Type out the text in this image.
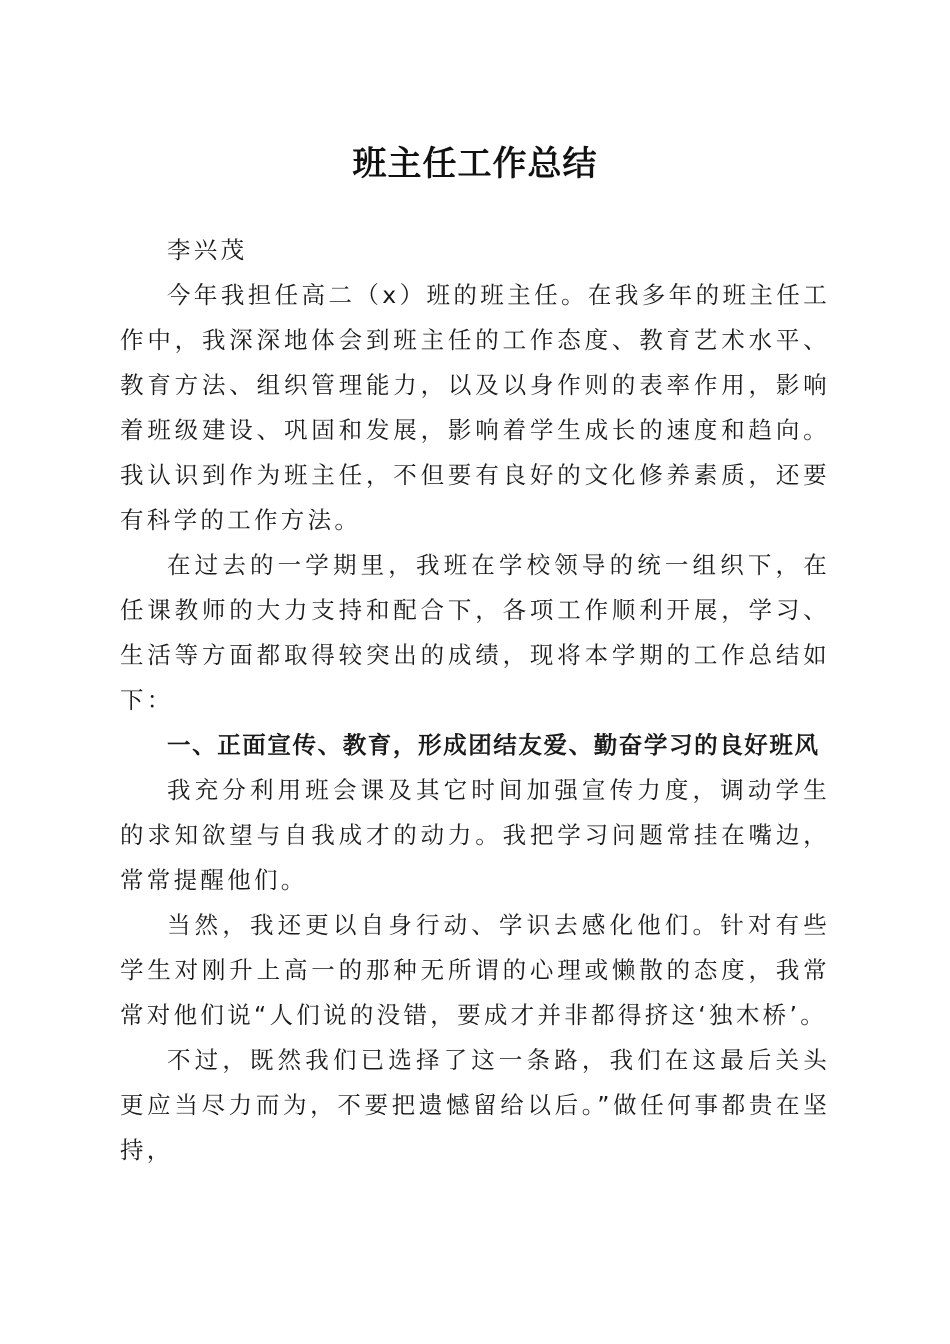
班主任工作总结

李兴茂

今年我担任高二（x）班的班主任。在我多年的班主任工作中，我深深地体会到班主任的工作态度、教育艺术水平、教育方法、组织管理能力，以及以身作则的表率作用，影响着班级建设、巩固和发展，影响着学生成长的速度和趋向。我认识到作为班主任，不但要有良好的文化修养素质，还要有科学的工作方法。

在过去的一学期里，我班在学校领导的统一组织下，在任课教师的大力支持和配合下，各项工作顺利开展，学习、生活等方面都取得较突出的成绩，现将本学期的工作总结如下：

一、正面宣传、教育，形成团结友爱、勤奋学习的良好班风

我充分利用班会课及其它时间加强宣传力度，调动学生的求知欲望与自我成才的动力。我把学习问题常挂在嘴边，常常提醒他们。

当然，我还更以自身行动、学识去感化他们。针对有些学生对刚升上高一的那种无所谓的心理或懒散的态度，我常常对他们说“人们说的没错，要成才并非都得挤这‘独木桥’。

不过，既然我们已选择了这一条路，我们在这最后关头更应当尽力而为，不要把遗憾留给以后。”做任何事都贵在坚持，
